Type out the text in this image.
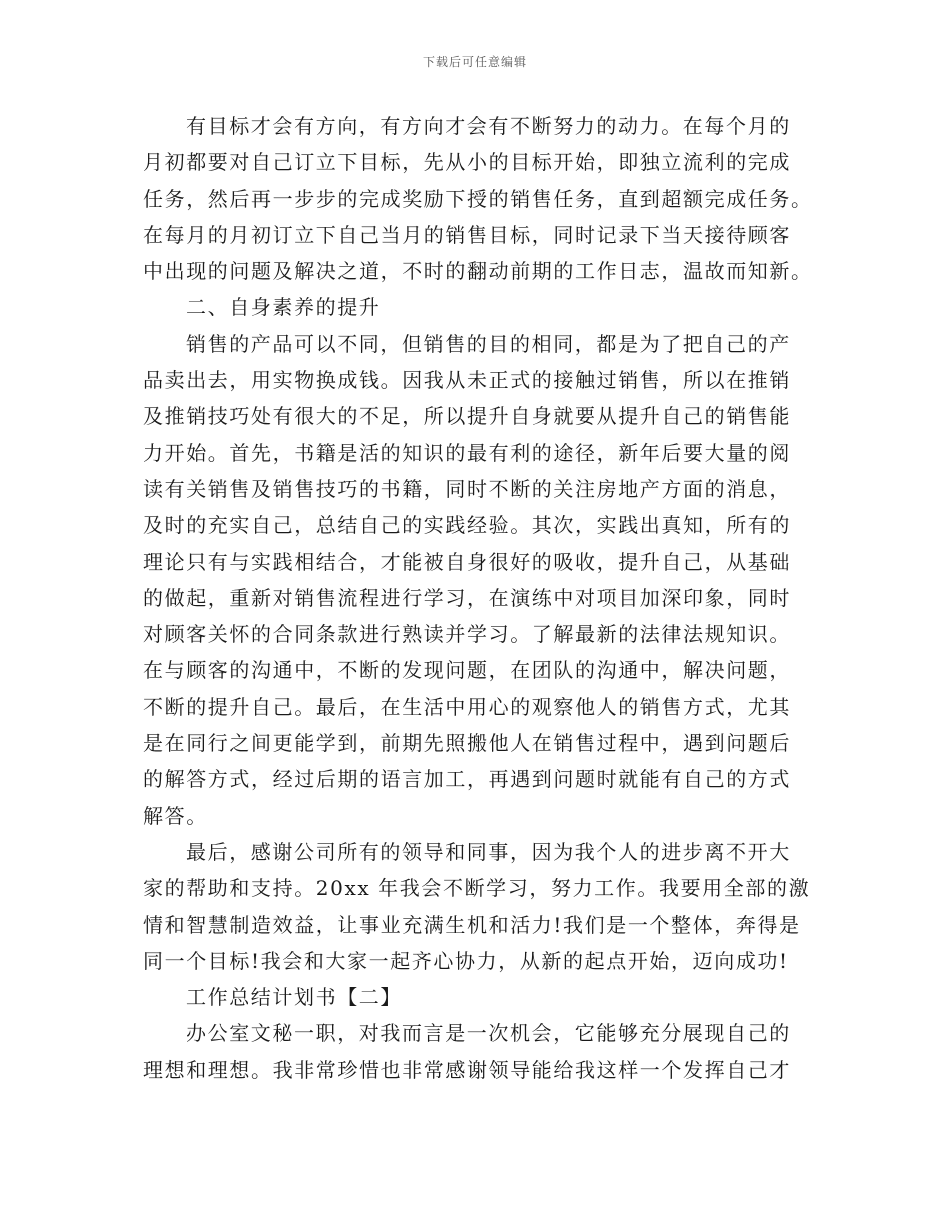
下载后可任意编辑
有目标才会有方向，有方向才会有不断努力的动力。在每个月的
月初都要对自己订立下目标，先从小的目标开始，即独立流利的完成
任务，然后再一步步的完成奖励下授的销售任务，直到超额完成任务。
在每月的月初订立下自己当月的销售目标，同时记录下当天接待顾客
中出现的问题及解决之道，不时的翻动前期的工作日志，温故而知新。
二、自身素养的提升
销售的产品可以不同，但销售的目的相同，都是为了把自己的产
品卖出去，用实物换成钱。因我从未正式的接触过销售，所以在推销
及推销技巧处有很大的不足，所以提升自身就要从提升自己的销售能
力开始。首先，书籍是活的知识的最有利的途径，新年后要大量的阅
读有关销售及销售技巧的书籍，同时不断的关注房地产方面的消息，
及时的充实自己，总结自己的实践经验。其次，实践出真知，所有的
理论只有与实践相结合，才能被自身很好的吸收，提升自己，从基础
的做起，重新对销售流程进行学习，在演练中对项目加深印象，同时
对顾客关怀的合同条款进行熟读并学习。了解最新的法律法规知识。
在与顾客的沟通中，不断的发现问题，在团队的沟通中，解决问题，
不断的提升自己。最后，在生活中用心的观察他人的销售方式，尤其
是在同行之间更能学到，前期先照搬他人在销售过程中，遇到问题后
的解答方式，经过后期的语言加工，再遇到问题时就能有自己的方式
解答。
最后，感谢公司所有的领导和同事，因为我个人的进步离不开大
家的帮助和支持。20xx 年我会不断学习，努力工作。我要用全部的激
情和智慧制造效益，让事业充满生机和活力!我们是一个整体，奔得是
同一个目标!我会和大家一起齐心协力，从新的起点开始，迈向成功!
工作总结计划书【二】
办公室文秘一职，对我而言是一次机会，它能够充分展现自己的
理想和理想。我非常珍惜也非常感谢领导能给我这样一个发挥自己才
